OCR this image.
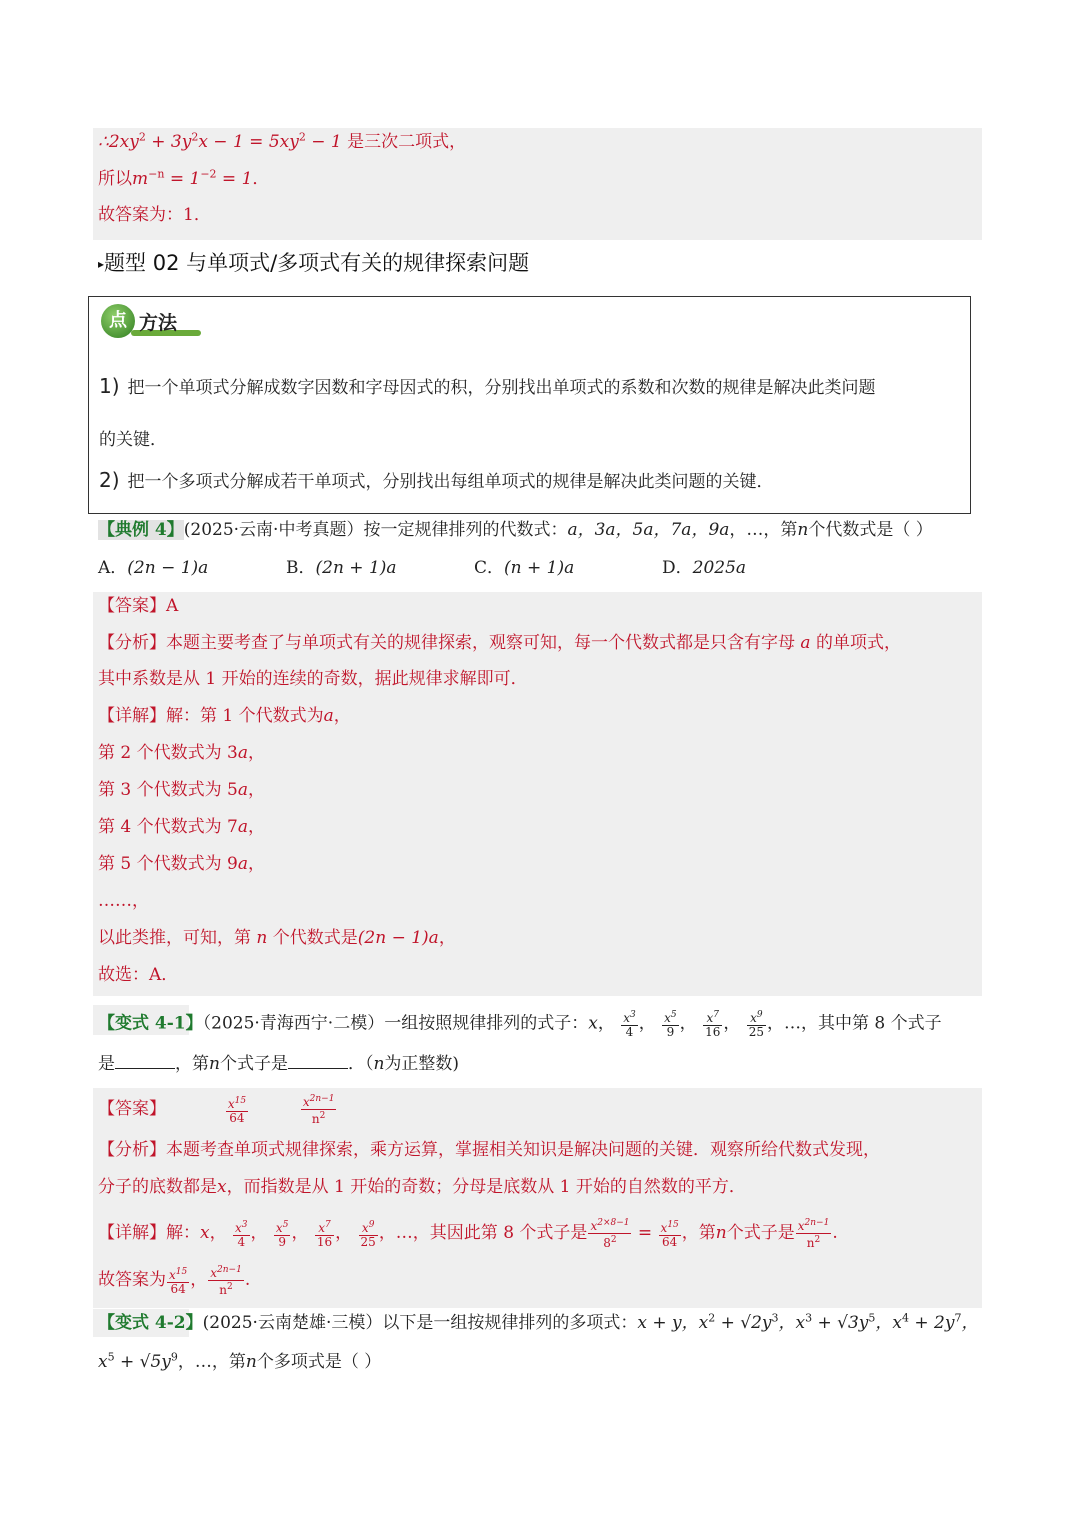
$\therefore 2xy^2 + 3y^2x - 1 = 5xy^2 - 1$ 是三次二项式，
所以$m^{-n} = 1^{-2} = 1$．
故答案为：1．
▸题型 02 与单项式/多项式有关的规律探索问题
点 方法
1) 把一个单项式分解成数字因数和字母因式的积，分别找出单项式的系数和次数的规律是解决此类问题
的关键．
2) 把一个多项式分解成若干单项式，分别找出每组单项式的规律是解决此类问题的关键．
【典例 4】(2025·云南·中考真题）按一定规律排列的代数式：a，3a，5a，7a，9a，…，第n个代数式是（ ）
A．(2n − 1)a	B．(2n + 1)a	C．(n + 1)a	D．2025a
【答案】A
【分析】本题主要考查了与单项式有关的规律探索，观察可知，每一个代数式都是只含有字母 a 的单项式，
其中系数是从 1 开始的连续的奇数，据此规律求解即可．
【详解】解：第 1 个代数式为a，
第 2 个代数式为 3a，
第 3 个代数式为 5a，
第 4 个代数式为 7a，
第 5 个代数式为 9a，
……，
以此类推，可知，第 n 个代数式是(2n − 1)a，
故选：A．
【变式 4-1】（2025·青海西宁·二模）一组按照规律排列的式子：x， $\frac{x^3}{4}$ ， $\frac{x^5}{9}$ ， $\frac{x^7}{16}$ ， $\frac{x^9}{25}$ ，…，其中第 8 个式子
是	，第n个式子是	．（n为正整数)
【答案】	$\frac{x^{15}}{64}$
	$\frac{x^{2n-1}}{n^2}$
【分析】本题考查单项式规律探索，乘方运算，掌握相关知识是解决问题的关键．观察所给代数式发现，
分子的底数都是x，而指数是从 1 开始的奇数；分母是底数从 1 开始的自然数的平方．
【详解】解：x， $\frac{x^3}{4}$ ， $\frac{x^5}{9}$ ， $\frac{x^7}{16}$ ， $\frac{x^9}{25}$ ，…，其因此第 8 个式子是 $\frac{x^{2\times 8-1}}{8^2} = \frac{x^{15}}{64}$ ，第n个式子是 $\frac{x^{2n-1}}{n^2}$ .
故答案为 $\frac{x^{15}}{64}$ ， $\frac{x^{2n-1}}{n^2}$ .
【变式 4-2】(2025·云南楚雄·三模）以下是一组按规律排列的多项式：x + y，$x^2 + √2y^3$，$x^3 + √3y^5$，$x^4 + 2y^7$，
$x^5 + √5y^9$，…，第n个多项式是（ ）
